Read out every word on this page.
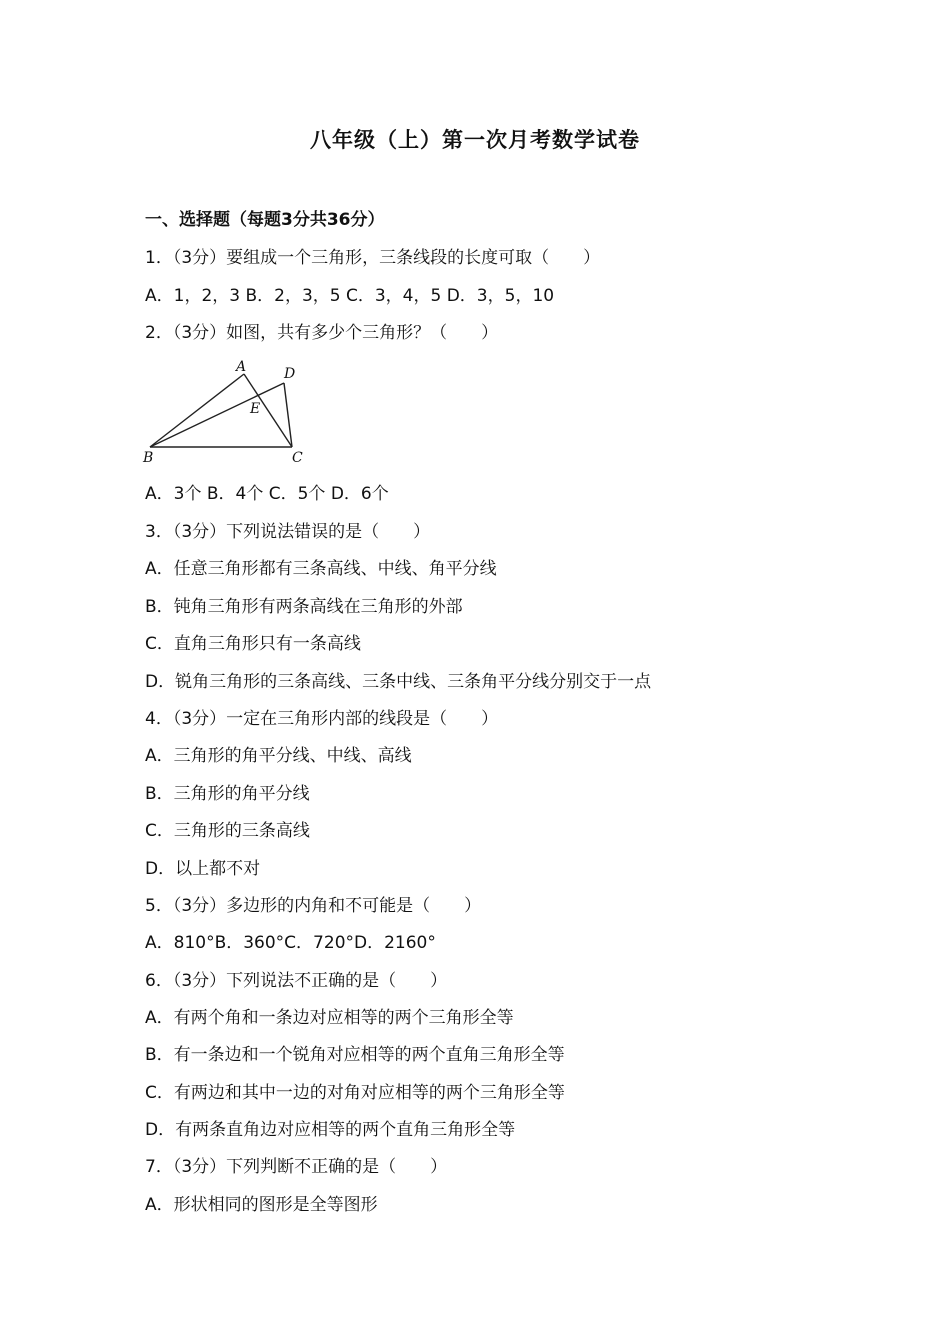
八年级（上）第一次月考数学试卷
一、选择题（每题3分共36分）
1．（3分）要组成一个三角形，三条线段的长度可取（　　）
A．1，2，3 B．2，3，5 C．3，4，5 D．3，5，10
2．（3分）如图，共有多少个三角形？（　　）
A	D
E
B	C
A．3个 B．4个 C．5个 D．6个
3．（3分）下列说法错误的是（　　）
A．任意三角形都有三条高线、中线、角平分线
B．钝角三角形有两条高线在三角形的外部
C．直角三角形只有一条高线
D．锐角三角形的三条高线、三条中线、三条角平分线分别交于一点
4．（3分）一定在三角形内部的线段是（　　）
A．三角形的角平分线、中线、高线
B．三角形的角平分线
C．三角形的三条高线
D．以上都不对
5．（3分）多边形的内角和不可能是（　　）
A．810°B．360°C．720°D．2160°
6．（3分）下列说法不正确的是（　　）
A．有两个角和一条边对应相等的两个三角形全等
B．有一条边和一个锐角对应相等的两个直角三角形全等
C．有两边和其中一边的对角对应相等的两个三角形全等
D．有两条直角边对应相等的两个直角三角形全等
7．（3分）下列判断不正确的是（　　）
A．形状相同的图形是全等图形
